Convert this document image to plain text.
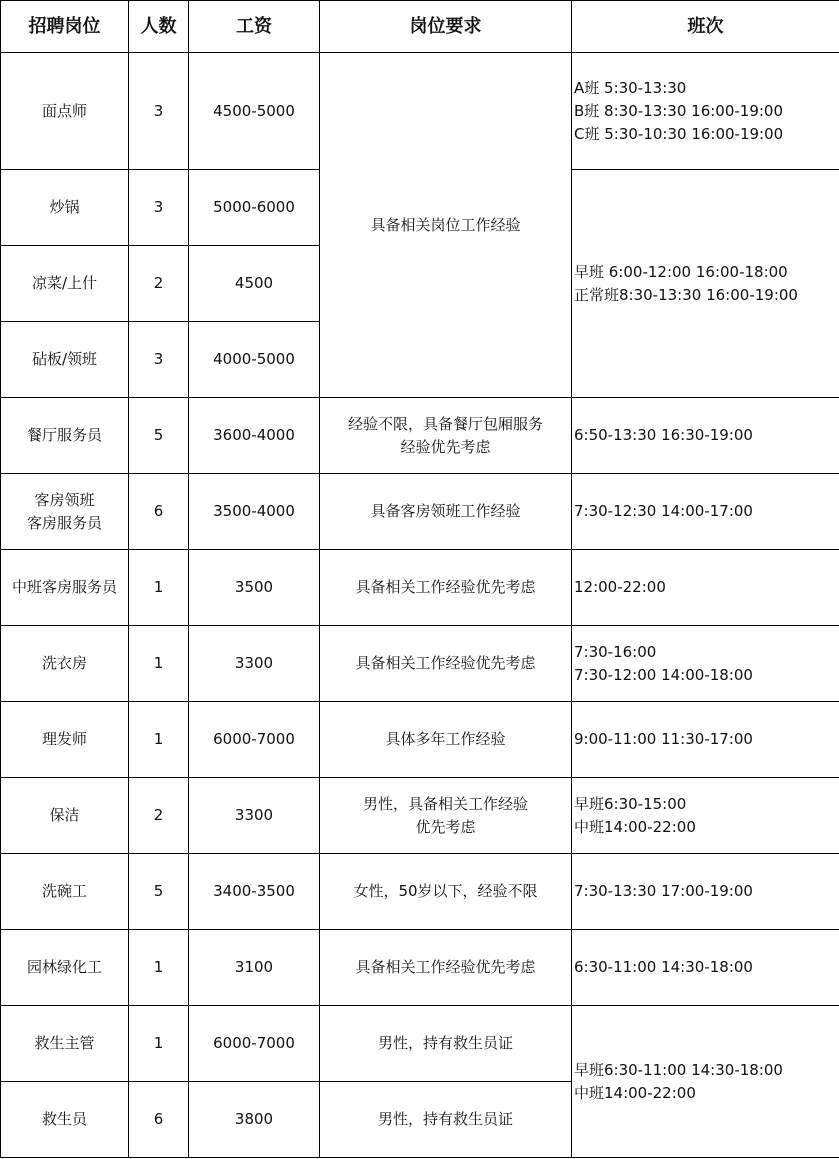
招聘岗位	人数	工资	岗位要求	班次

面点师	3	4500-5000	具备相关岗位工作经验	A班 5:30-13:30
B班 8:30-13:30 16:00-19:00
C班 5:30-10:30 16:00-19:00

炒锅	3	5000-6000		早班 6:00-12:00 16:00-18:00
正常班8:30-13:30 16:00-19:00

凉菜/上什	2	4500		

砧板/领班	3	4000-5000		

餐厅服务员	5	3600-4000	经验不限，具备餐厅包厢服务
经验优先考虑	6:50-13:30 16:30-19:00

客房领班
客房服务员	6	3500-4000	具备客房领班工作经验	7:30-12:30 14:00-17:00

中班客房服务员	1	3500	具备相关工作经验优先考虑	12:00-22:00

洗衣房	1	3300	具备相关工作经验优先考虑	7:30-16:00
7:30-12:00 14:00-18:00

理发师	1	6000-7000	具体多年工作经验	9:00-11:00 11:30-17:00

保洁	2	3300	男性，具备相关工作经验
优先考虑	早班6:30-15:00
中班14:00-22:00

洗碗工	5	3400-3500	女性，50岁以下，经验不限	7:30-13:30 17:00-19:00

园林绿化工	1	3100	具备相关工作经验优先考虑	6:30-11:00 14:30-18:00

救生主管	1	6000-7000	男性，持有救生员证	早班6:30-11:00 14:30-18:00
中班14:00-22:00

救生员	6	3800	男性，持有救生员证	
